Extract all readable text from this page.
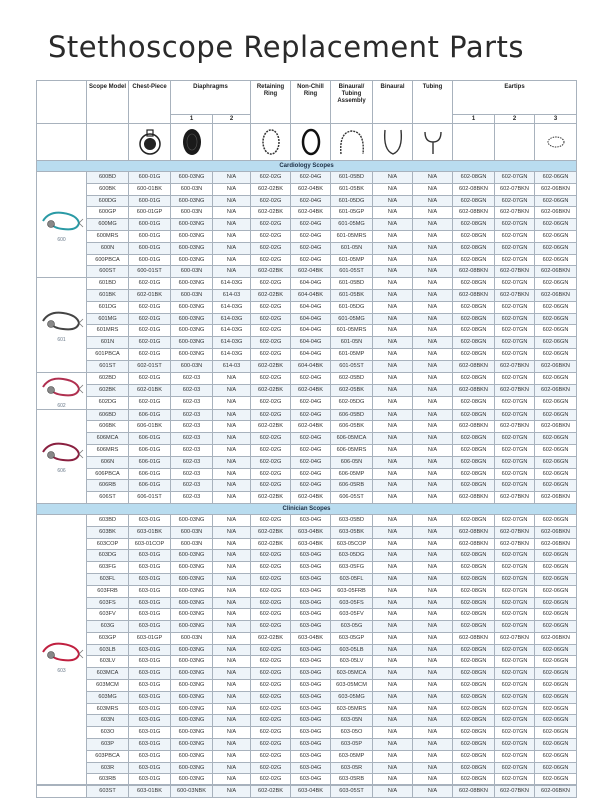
Stethoscope Replacement Parts
	Scope Model	Chest-Piece	Diaphragms		Retaining Ring	Non-Chill Ring	Binaural/ Tubing Assembly	Binaural	Tubing	Eartips		
			1	2						1	2	3

Cardiology Scopes												

600	600BD	600-01G	600-03NG	N/A	602-02G	602-04G	601-05BD	N/A	N/A	602-08GN	602-07GN	602-06GN
	600BK	600-01BK	600-03N	N/A	602-02BK	602-04BK	601-05BK	N/A	N/A	602-08BKN	602-07BKN	602-06BKN
	600DG	600-01G	600-03NG	N/A	602-02G	602-04G	601-05DG	N/A	N/A	602-08GN	602-07GN	602-06GN
	600GP	600-01GP	600-03N	N/A	602-02BK	602-04BK	601-05GP	N/A	N/A	602-08BKN	602-07BKN	602-06BKN
	600MG	600-01G	600-03NG	N/A	602-02G	602-04G	601-05MG	N/A	N/A	602-08GN	602-07GN	602-06GN
	600MRS	600-01G	600-03NG	N/A	602-02G	602-04G	601-05MRS	N/A	N/A	602-08GN	602-07GN	602-06GN
	600N	600-01G	600-03NG	N/A	602-02G	602-04G	601-05N	N/A	N/A	602-08GN	602-07GN	602-06GN
	600PBCA	600-01G	600-03NG	N/A	602-02G	602-04G	601-05MP	N/A	N/A	602-08GN	602-07GN	602-06GN
	600ST	600-01ST	600-03N	N/A	602-02BK	602-04BK	601-05ST	N/A	N/A	602-08BKN	602-07BKN	602-06BKN

601	601BD	602-01G	600-03NG	614-03G	602-02G	604-04G	601-05BD	N/A	N/A	602-08GN	602-07GN	602-06GN
	601BK	602-01BK	600-03N	614-03	602-02BK	604-04BK	601-05BK	N/A	N/A	602-08BKN	602-07BKN	602-06BKN
	601DG	602-01G	600-03NG	614-03G	602-02G	604-04G	601-05DG	N/A	N/A	602-08GN	602-07GN	602-06GN
	601MG	602-01G	600-03NG	614-03G	602-02G	604-04G	601-05MG	N/A	N/A	602-08GN	602-07GN	602-06GN
	601MRS	602-01G	600-03NG	614-03G	602-02G	604-04G	601-05MRS	N/A	N/A	602-08GN	602-07GN	602-06GN
	601N	602-01G	600-03NG	614-03G	602-02G	604-04G	601-05N	N/A	N/A	602-08GN	602-07GN	602-06GN
	601PBCA	602-01G	600-03NG	614-03G	602-02G	604-04G	601-05MP	N/A	N/A	602-08GN	602-07GN	602-06GN
	601ST	602-01ST	600-03N	614-03	602-02BK	604-04BK	601-05ST	N/A	N/A	602-08BKN	602-07BKN	602-06BKN

602	602BD	602-01G	602-03	N/A	602-02G	602-04G	602-05BD	N/A	N/A	602-08GN	602-07GN	602-06GN
	602BK	602-01BK	602-03	N/A	602-02BK	602-04BK	602-05BK	N/A	N/A	602-08BKN	602-07BKN	602-06BKN
	602DG	602-01G	602-03	N/A	602-02G	602-04G	602-05DG	N/A	N/A	602-08GN	602-07GN	602-06GN

606	606BD	606-01G	602-03	N/A	602-02G	602-04G	606-05BD	N/A	N/A	602-08GN	602-07GN	602-06GN
	606BK	606-01BK	602-03	N/A	602-02BK	602-04BK	606-05BK	N/A	N/A	602-08BKN	602-07BKN	602-06BKN
	606MCA	606-01G	602-03	N/A	602-02G	602-04G	606-05MCA	N/A	N/A	602-08GN	602-07GN	602-06GN
	606MRS	606-01G	602-03	N/A	602-02G	602-04G	606-05MRS	N/A	N/A	602-08GN	602-07GN	602-06GN
	606N	606-01G	602-03	N/A	602-02G	602-04G	606-05N	N/A	N/A	602-08GN	602-07GN	602-06GN
	606PBCA	606-01G	602-03	N/A	602-02G	602-04G	606-05MP	N/A	N/A	602-08GN	602-07GN	602-06GN
	606RB	606-01G	602-03	N/A	602-02G	602-04G	606-05RB	N/A	N/A	602-08GN	602-07GN	602-06GN
	606ST	606-01ST	602-03	N/A	602-02BK	602-04BK	606-05ST	N/A	N/A	602-08BKN	602-07BKN	602-06BKN
Clinician Scopes												

603	603BD	603-01G	600-03NG	N/A	602-02G	603-04G	603-05BD	N/A	N/A	602-08GN	602-07GN	602-06GN
	603BK	603-01BK	600-03N	N/A	602-02BK	603-04BK	603-05BK	N/A	N/A	602-08BKN	602-07BKN	602-06BKN
	603COP	603-01COP	600-03N	N/A	602-02BK	603-04BK	603-05COP	N/A	N/A	602-08BKN	602-07BKN	602-06BKN
	603DG	603-01G	600-03NG	N/A	602-02G	603-04G	603-05DG	N/A	N/A	602-08GN	602-07GN	602-06GN
	603FG	603-01G	600-03NG	N/A	602-02G	603-04G	603-05FG	N/A	N/A	602-08GN	602-07GN	602-06GN
	603FL	603-01G	600-03NG	N/A	602-02G	603-04G	603-05FL	N/A	N/A	602-08GN	602-07GN	602-06GN
	603FRB	603-01G	600-03NG	N/A	602-02G	603-04G	603-05FRB	N/A	N/A	602-08GN	602-07GN	602-06GN
	603FS	603-01G	600-03NG	N/A	602-02G	603-04G	603-05FS	N/A	N/A	602-08GN	602-07GN	602-06GN
	603FV	603-01G	600-03NG	N/A	602-02G	603-04G	603-05FV	N/A	N/A	602-08GN	602-07GN	602-06GN
	603G	603-01G	600-03NG	N/A	602-02G	603-04G	603-05G	N/A	N/A	602-08GN	602-07GN	602-06GN
	603GP	603-01GP	600-03N	N/A	602-02BK	603-04BK	603-05GP	N/A	N/A	602-08BKN	602-07BKN	602-06BKN
	603LB	603-01G	600-03NG	N/A	602-02G	603-04G	603-05LB	N/A	N/A	602-08GN	602-07GN	602-06GN
	603LV	603-01G	600-03NG	N/A	602-02G	603-04G	603-05LV	N/A	N/A	602-08GN	602-07GN	602-06GN
	603MCA	603-01G	600-03NG	N/A	602-02G	603-04G	603-05MCA	N/A	N/A	602-08GN	602-07GN	602-06GN
	603MCM	603-01G	600-03NG	N/A	602-02G	603-04G	603-05MCM	N/A	N/A	602-08GN	602-07GN	602-06GN
	603MG	603-01G	600-03NG	N/A	602-02G	603-04G	603-05MG	N/A	N/A	602-08GN	602-07GN	602-06GN
	603MRS	603-01G	600-03NG	N/A	602-02G	603-04G	603-05MRS	N/A	N/A	602-08GN	602-07GN	602-06GN
	603N	603-01G	600-03NG	N/A	602-02G	603-04G	603-05N	N/A	N/A	602-08GN	602-07GN	602-06GN
	603O	603-01G	600-03NG	N/A	602-02G	603-04G	603-05O	N/A	N/A	602-08GN	602-07GN	602-06GN
	603P	603-01G	600-03NG	N/A	602-02G	603-04G	603-05P	N/A	N/A	602-08GN	602-07GN	602-06GN
	603PBCA	603-01G	600-03NG	N/A	602-02G	603-04G	603-05MP	N/A	N/A	602-08GN	602-07GN	602-06GN
	603R	603-01G	600-03NG	N/A	602-02G	603-04G	603-05R	N/A	N/A	602-08GN	602-07GN	602-06GN
	603RB	603-01G	600-03NG	N/A	602-02G	603-04G	603-05RB	N/A	N/A	602-08GN	602-07GN	602-06GN
	603ST	603-01BK	600-03NBK	N/A	602-02BK	603-04BK	603-05ST	N/A	N/A	602-08BKN	602-07BKN	602-06BKN
